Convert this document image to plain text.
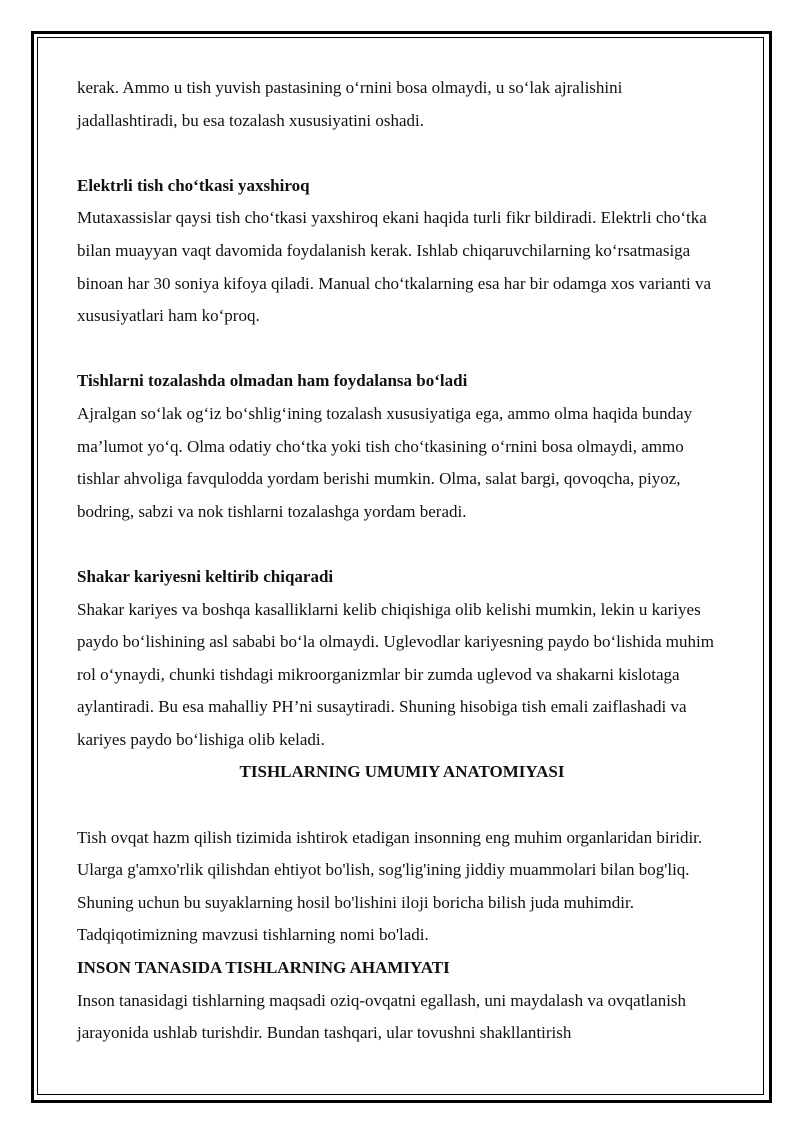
kerak. Ammo u tish yuvish pastasining o‘rnini bosa olmaydi, u so‘lak ajralishini jadallashtiradi, bu esa tozalash xususiyatini oshadi.

Elektrli tish cho‘tkasi yaxshiroq

Mutaxassislar qaysi tish cho‘tkasi yaxshiroq ekani haqida turli fikr bildiradi. Elektrli cho‘tka bilan muayyan vaqt davomida foydalanish kerak. Ishlab chiqaruvchilarning ko‘rsatmasiga binoan har 30 soniya kifoya qiladi. Manual cho‘tkalarning esa har bir odamga xos varianti va xususiyatlari ham ko‘proq.

Tishlarni tozalashda olmadan ham foydalansa bo‘ladi

Ajralgan so‘lak og‘iz bo‘shlig‘ining tozalash xususiyatiga ega, ammo olma haqida bunday ma’lumot yo‘q. Olma odatiy cho‘tka yoki tish cho‘tkasining o‘rnini bosa olmaydi, ammo tishlar ahvoliga favqulodda yordam berishi mumkin. Olma, salat bargi, qovoqcha, piyoz, bodring, sabzi va nok tishlarni tozalashga yordam beradi.

Shakar kariyesni keltirib chiqaradi

Shakar kariyes va boshqa kasalliklarni kelib chiqishiga olib kelishi mumkin, lekin u kariyes paydo bo‘lishining asl sababi bo‘la olmaydi. Uglevodlar kariyesning paydo bo‘lishida muhim rol o‘ynaydi, chunki tishdagi mikroorganizmlar bir zumda uglevod va shakarni kislotaga aylantiradi. Bu esa mahalliy PH’ni susaytiradi. Shuning hisobiga tish emali zaiflashadi va kariyes paydo bo‘lishiga olib keladi.

TISHLARNING UMUMIY ANATOMIYASI

Tish ovqat hazm qilish tizimida ishtirok etadigan insonning eng muhim organlaridan biridir. Ularga g'amxo'rlik qilishdan ehtiyot bo'lish, sog'lig'ining jiddiy muammolari bilan bog'liq. Shuning uchun bu suyaklarning hosil bo'lishini iloji boricha bilish juda muhimdir. Tadqiqotimizning mavzusi tishlarning nomi bo'ladi.

INSON TANASIDA TISHLARNING AHAMIYATI

Inson tanasidagi tishlarning maqsadi oziq-ovqatni egallash, uni maydalash va ovqatlanish jarayonida ushlab turishdir. Bundan tashqari, ular tovushni shakllantirish
